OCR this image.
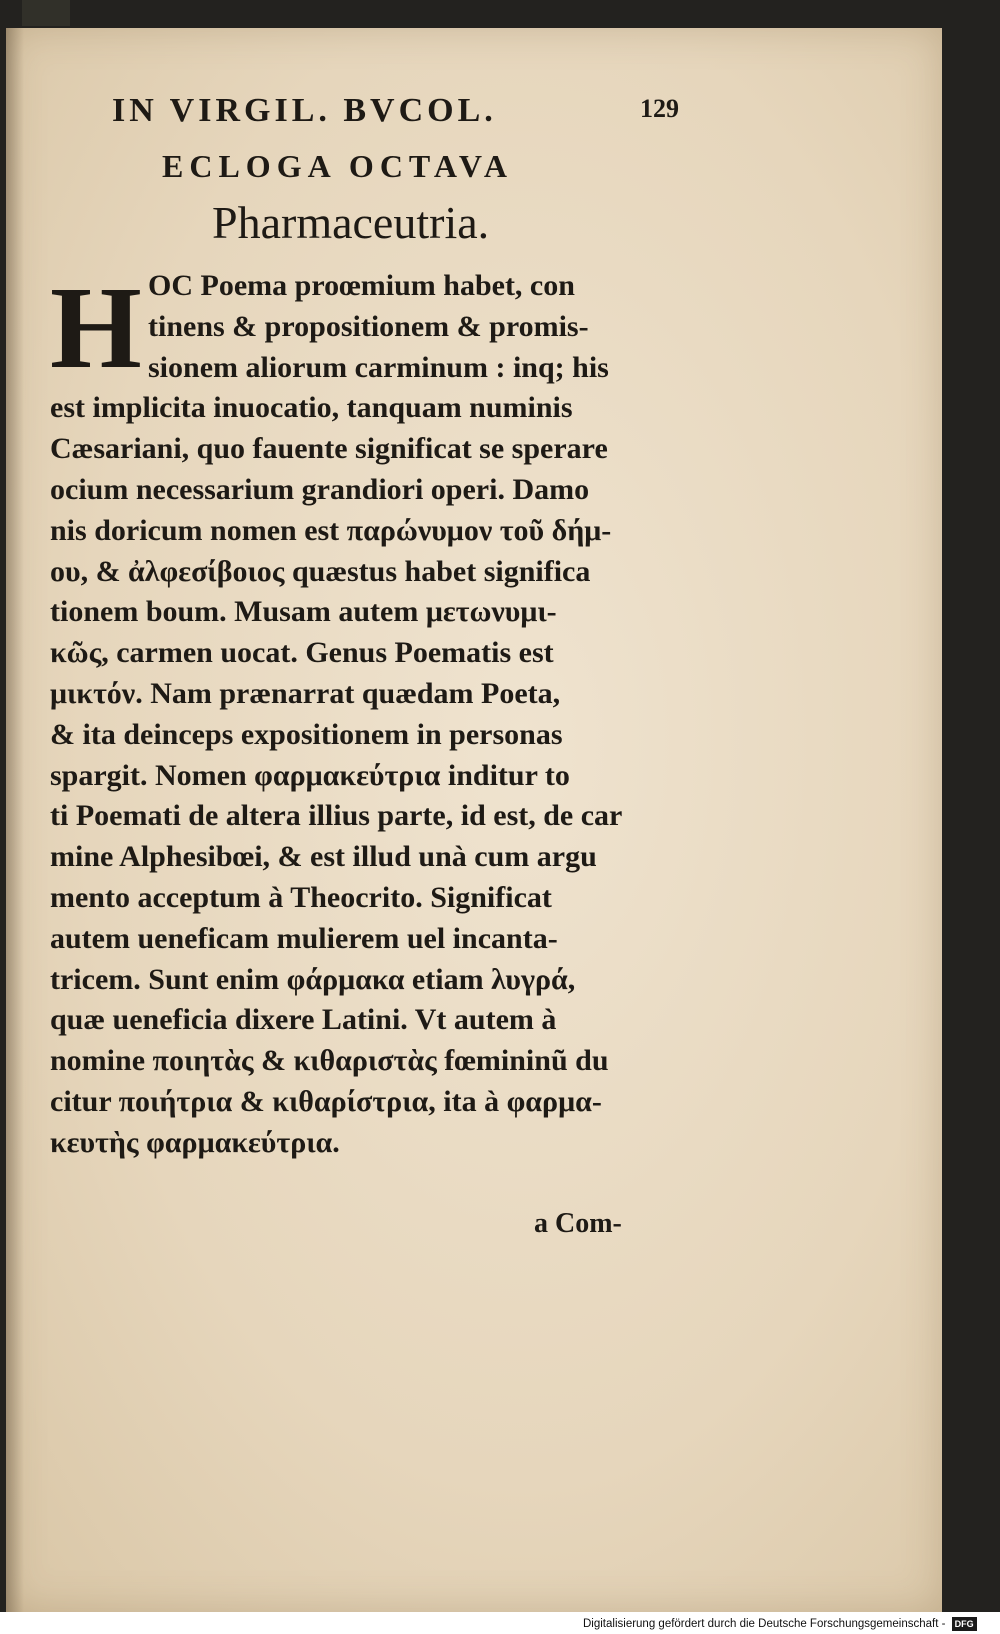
IN VIRGIL. BVCOL.	129
ECLOGA OCTAVA
Pharmaceutria.
H OC Poema proœmium habet, con
tinens & propositionem & promis-
sionem aliorum carminum : inq; his
est implicita inuocatio, tanquam numinis
Cæsariani, quo fauente significat se sperare
ocium necessarium grandiori operi. Damo
nis doricum nomen est παρώνυμον τοῦ δήμ-
ου, & ἀλφεσίβοιος quæstus habet significa
tionem boum. Musam autem μετωνυμι-
κῶς, carmen uocat. Genus Poematis est
μικτόν. Nam prænarrat quædam Poeta,
& ita deinceps expositionem in personas
spargit. Nomen φαρμακεύτρια inditur to
ti Poemati de altera illius parte, id est, de car
mine Alphesibœi, & est illud unà cum argu
mento acceptum à Theocrito. Significat
autem ueneficam mulierem uel incanta-
tricem. Sunt enim φάρμακα etiam λυγρά,
quæ ueneficia dixere Latini. Vt autem à
nomine ποιητὰς & κιθαριστὰς fœmininũ du
citur ποιήτρια & κιθαρίστρια, ita à φαρμα-
κευτὴς φαρμακεύτρια.
a Com-
Digitalisierung gefördert durch die Deutsche Forschungsgemeinschaft - DFG
